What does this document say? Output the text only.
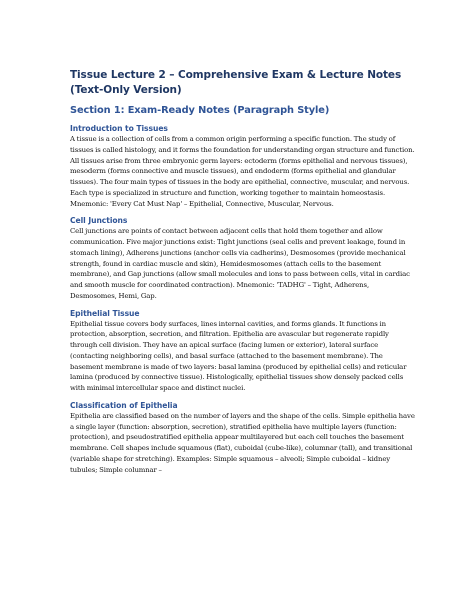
Tissue Lecture 2 – Comprehensive Exam & Lecture Notes (Text-Only Version)
Section 1: Exam-Ready Notes (Paragraph Style)
Introduction to Tissues

A tissue is a collection of cells from a common origin performing a specific function. The study of tissues is called histology, and it forms the foundation for understanding organ structure and function. All tissues arise from three embryonic germ layers: ectoderm (forms epithelial and nervous tissues), mesoderm (forms connective and muscle tissues), and endoderm (forms epithelial and glandular tissues). The four main types of tissues in the body are epithelial, connective, muscular, and nervous. Each type is specialized in structure and function, working together to maintain homeostasis. Mnemonic: 'Every Cat Must Nap' – Epithelial, Connective, Muscular, Nervous.

Cell Junctions

Cell junctions are points of contact between adjacent cells that hold them together and allow communication. Five major junctions exist: Tight junctions (seal cells and prevent leakage, found in stomach lining), Adherens junctions (anchor cells via cadherins), Desmosomes (provide mechanical strength, found in cardiac muscle and skin), Hemidesmosomes (attach cells to the basement membrane), and Gap junctions (allow small molecules and ions to pass between cells, vital in cardiac and smooth muscle for coordinated contraction). Mnemonic: 'TADHG' – Tight, Adherens, Desmosomes, Hemi, Gap.

Epithelial Tissue

Epithelial tissue covers body surfaces, lines internal cavities, and forms glands. It functions in protection, absorption, secretion, and filtration. Epithelia are avascular but regenerate rapidly through cell division. They have an apical surface (facing lumen or exterior), lateral surface (contacting neighboring cells), and basal surface (attached to the basement membrane). The basement membrane is made of two layers: basal lamina (produced by epithelial cells) and reticular lamina (produced by connective tissue). Histologically, epithelial tissues show densely packed cells with minimal intercellular space and distinct nuclei.

Classification of Epithelia

Epithelia are classified based on the number of layers and the shape of the cells. Simple epithelia have a single layer (function: absorption, secretion), stratified epithelia have multiple layers (function: protection), and pseudostratified epithelia appear multilayered but each cell touches the basement membrane. Cell shapes include squamous (flat), cuboidal (cube-like), columnar (tall), and transitional (variable shape for stretching). Examples: Simple squamous – alveoli; Simple cuboidal – kidney tubules; Simple columnar –
